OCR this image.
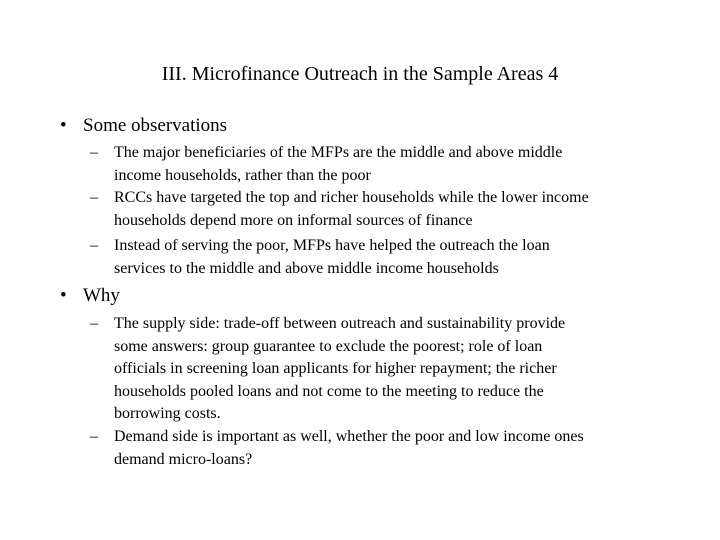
III. Microfinance Outreach in the Sample Areas 4
• Some observations
– The major beneficiaries of the MFPs are the middle and above middle
income households, rather than the poor
– RCCs have targeted the top and richer households while the lower income
households depend more on informal sources of finance
– Instead of serving the poor, MFPs have helped the outreach the loan
services to the middle and above middle income households
• Why
– The supply side: trade-off between outreach and sustainability provide
some answers: group guarantee to exclude the poorest; role of loan
officials in screening loan applicants for higher repayment; the richer
households pooled loans and not come to the meeting to reduce the
borrowing costs.
– Demand side is important as well, whether the poor and low income ones
demand micro-loans?
